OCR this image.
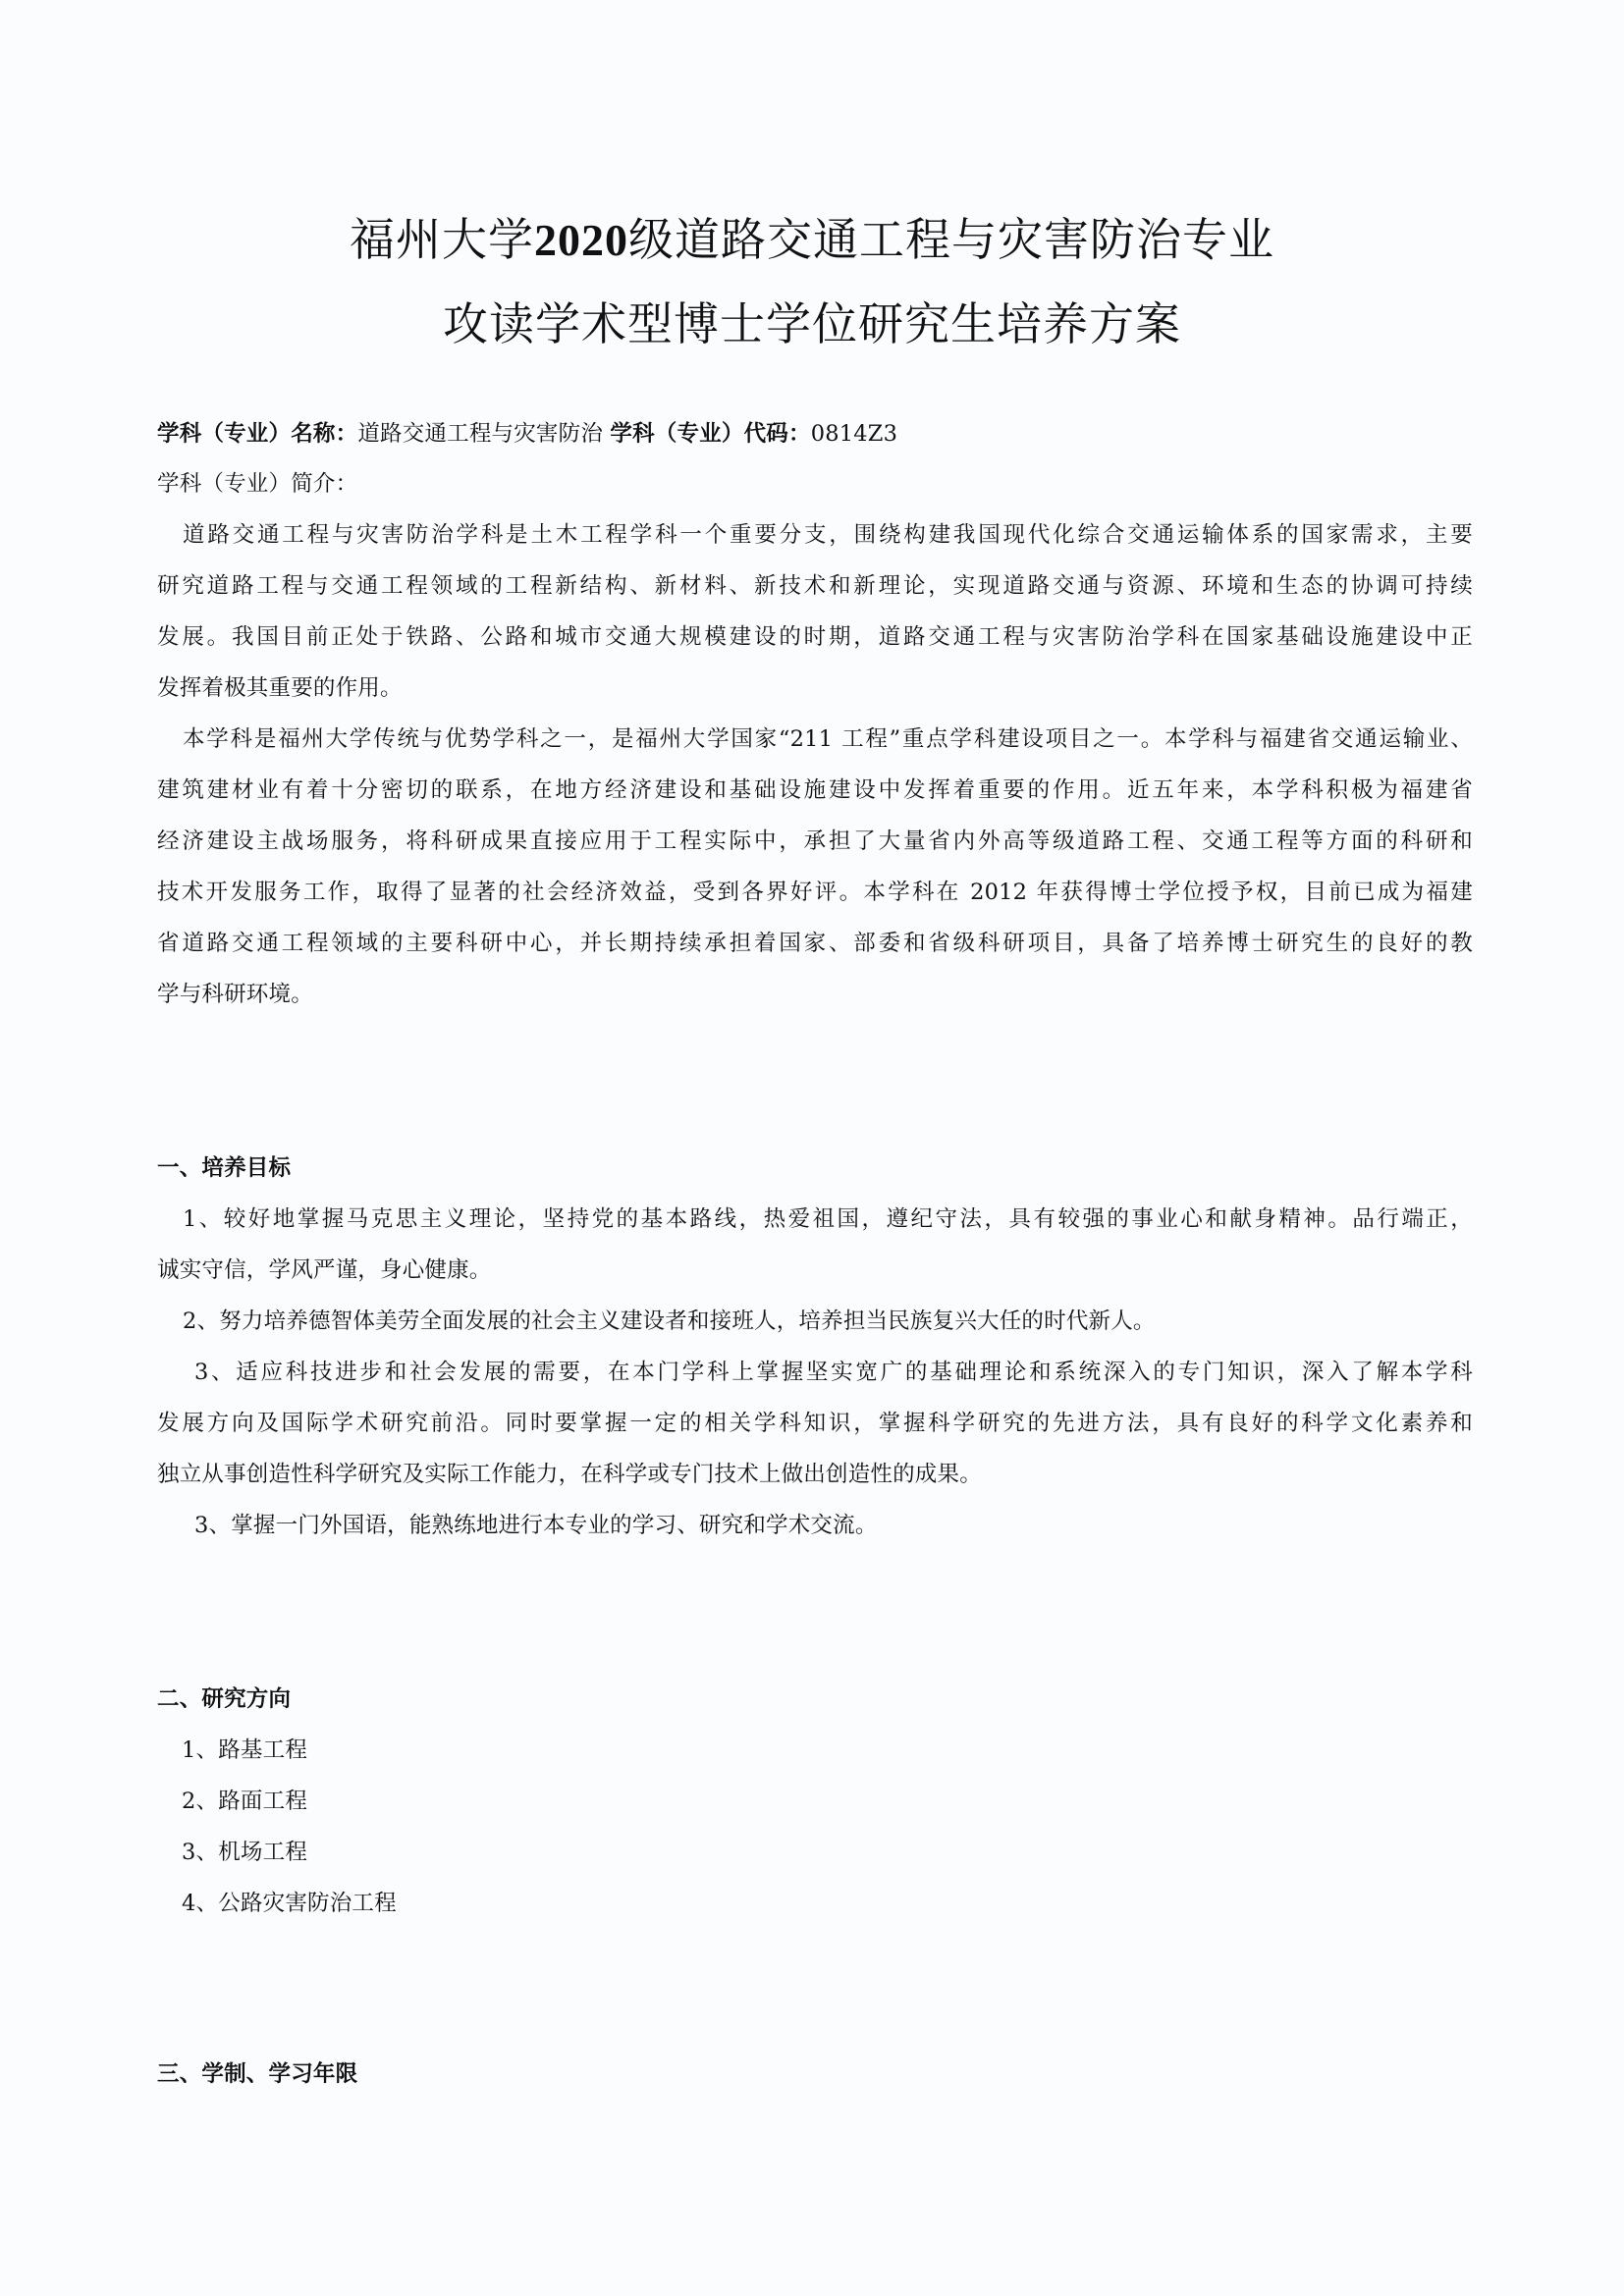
福州大学2020级道路交通工程与灾害防治专业
攻读学术型博士学位研究生培养方案
学科（专业）名称：道路交通工程与灾害防治 学科（专业）代码：0814Z3
学科（专业）简介：
道路交通工程与灾害防治学科是土木工程学科一个重要分支，围绕构建我国现代化综合交通运输体系的国家需求，主要
研究道路工程与交通工程领域的工程新结构、新材料、新技术和新理论，实现道路交通与资源、环境和生态的协调可持续
发展。我国目前正处于铁路、公路和城市交通大规模建设的时期，道路交通工程与灾害防治学科在国家基础设施建设中正
发挥着极其重要的作用。
本学科是福州大学传统与优势学科之一，是福州大学国家“211 工程”重点学科建设项目之一。本学科与福建省交通运输业、
建筑建材业有着十分密切的联系，在地方经济建设和基础设施建设中发挥着重要的作用。近五年来，本学科积极为福建省
经济建设主战场服务，将科研成果直接应用于工程实际中，承担了大量省内外高等级道路工程、交通工程等方面的科研和
技术开发服务工作，取得了显著的社会经济效益，受到各界好评。本学科在 2012 年获得博士学位授予权，目前已成为福建
省道路交通工程领域的主要科研中心，并长期持续承担着国家、部委和省级科研项目，具备了培养博士研究生的良好的教
学与科研环境。
一、培养目标
1、较好地掌握马克思主义理论，坚持党的基本路线，热爱祖国，遵纪守法，具有较强的事业心和献身精神。品行端正，
诚实守信，学风严谨，身心健康。
2、努力培养德智体美劳全面发展的社会主义建设者和接班人，培养担当民族复兴大任的时代新人。
3、适应科技进步和社会发展的需要，在本门学科上掌握坚实宽广的基础理论和系统深入的专门知识，深入了解本学科
发展方向及国际学术研究前沿。同时要掌握一定的相关学科知识，掌握科学研究的先进方法，具有良好的科学文化素养和
独立从事创造性科学研究及实际工作能力，在科学或专门技术上做出创造性的成果。
3、掌握一门外国语，能熟练地进行本专业的学习、研究和学术交流。
二、研究方向
1、路基工程
2、路面工程
3、机场工程
4、公路灾害防治工程
三、学制、学习年限
